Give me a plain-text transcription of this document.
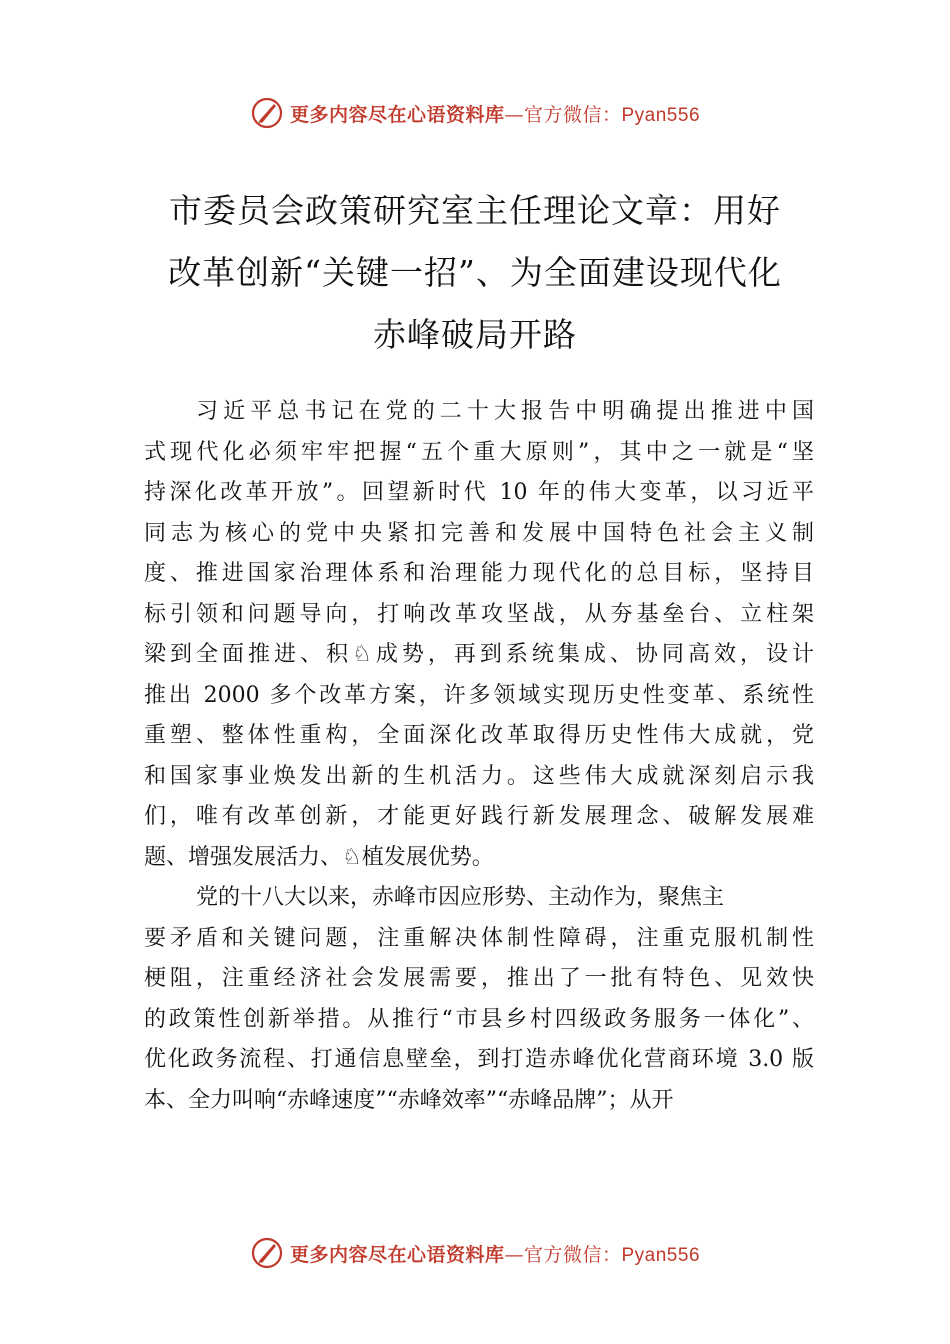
更多内容尽在心语资料库—官方微信：Pyan556
市委员会政策研究室主任理论文章：用好
改革创新“关键一招”、为全面建设现代化
赤峰破局开路
习近平总书记在党的二十大报告中明确提出推进中国
式现代化必须牢牢把握“五个重大原则”，其中之一就是“坚
持深化改革开放”。回望新时代 10 年的伟大变革，以习近平
同志为核心的党中央紧扣完善和发展中国特色社会主义制
度、推进国家治理体系和治理能力现代化的总目标，坚持目
标引领和问题导向，打响改革攻坚战，从夯基垒台、立柱架
梁到全面推进、积♘成势，再到系统集成、协同高效，设计
推出 2000 多个改革方案，许多领域实现历史性变革、系统性
重塑、整体性重构，全面深化改革取得历史性伟大成就，党
和国家事业焕发出新的生机活力。这些伟大成就深刻启示我
们，唯有改革创新，才能更好践行新发展理念、破解发展难
题、增强发展活力、♘植发展优势。
党的十八大以来，赤峰市因应形势、主动作为，聚焦主
要矛盾和关键问题，注重解决体制性障碍，注重克服机制性
梗阻，注重经济社会发展需要，推出了一批有特色、见效快
的政策性创新举措。从推行“市县乡村四级政务服务一体化”、
优化政务流程、打通信息壁垒，到打造赤峰优化营商环境 3.0 版
本、全力叫响“赤峰速度”“赤峰效率”“赤峰品牌”；从开
更多内容尽在心语资料库—官方微信：Pyan556
